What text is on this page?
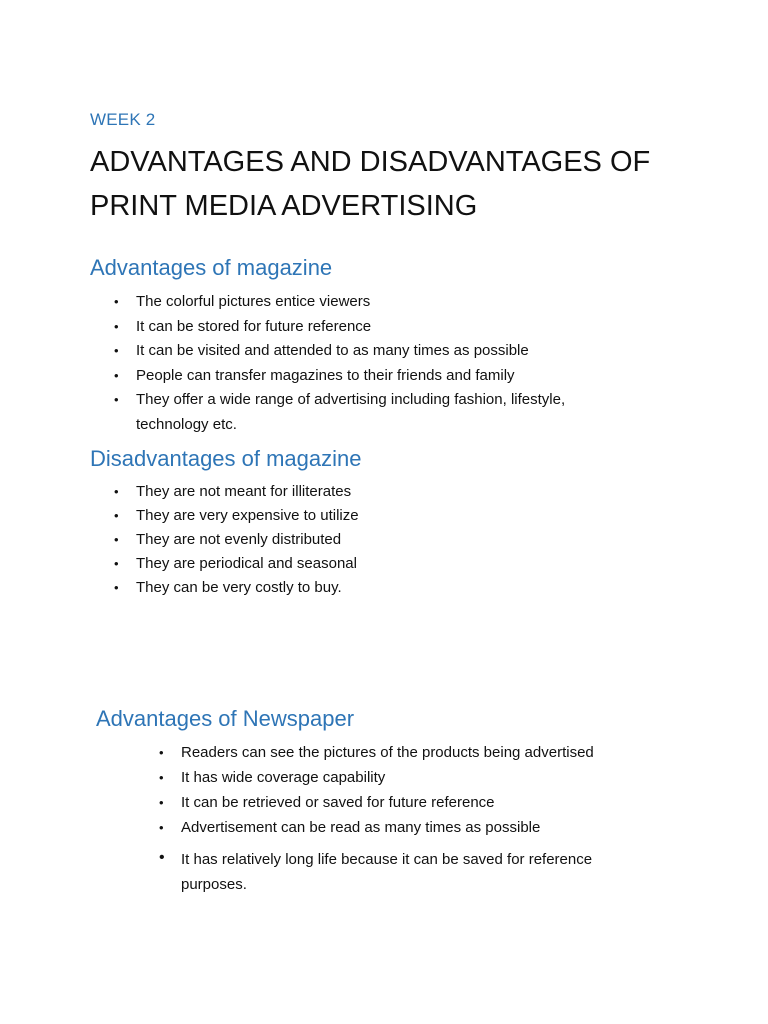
WEEK 2
ADVANTAGES AND DISADVANTAGES OF PRINT MEDIA ADVERTISING
Advantages of magazine
• The colorful pictures entice viewers
• It can be stored for future reference
• It can be visited and attended to as many times as possible
• People can transfer magazines to their friends and family
• They offer a wide range of advertising including fashion, lifestyle, technology etc.
Disadvantages of magazine
• They are not meant for illiterates
• They are very expensive to utilize
• They are not evenly distributed
• They are periodical and seasonal
• They can be very costly to buy.
Advantages of Newspaper
• Readers can see the pictures of the products being advertised
• It has wide coverage capability
• It can be retrieved or saved for future reference
• Advertisement can be read as many times as possible
• It has relatively long life because it can be saved for reference purposes.
